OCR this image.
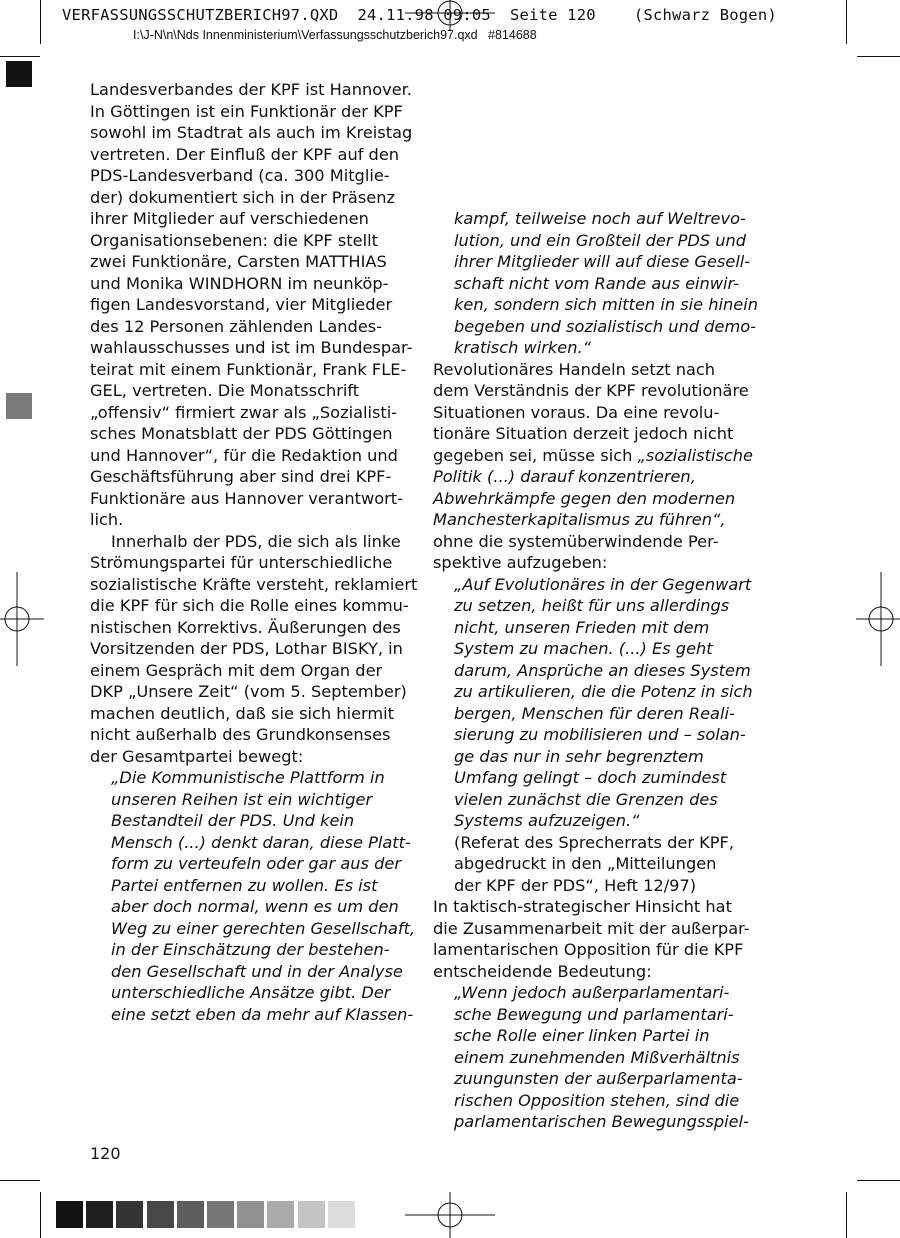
VERFASSUNGSSCHUTZBERICH97.QXD  24.11.98 09:05  Seite 120    (Schwarz Bogen)
I:\J-N\n\Nds Innenministerium\Verfassungsschutzberich97.qxd   #814688
Landesverbandes der KPF ist Hannover.
In Göttingen ist ein Funktionär der KPF
sowohl im Stadtrat als auch im Kreistag
vertreten. Der Einfluß der KPF auf den
PDS-Landesverband (ca. 300 Mitglie-
der) dokumentiert sich in der Präsenz
ihrer Mitglieder auf verschiedenen
Organisationsebenen: die KPF stellt
zwei Funktionäre, Carsten MATTHIAS
und Monika WINDHORN im neunköp-
figen Landesvorstand, vier Mitglieder
des 12 Personen zählenden Landes-
wahlausschusses und ist im Bundespar-
teirat mit einem Funktionär, Frank FLE-
GEL, vertreten. Die Monatsschrift
„offensiv“ firmiert zwar als „Sozialisti-
sches Monatsblatt der PDS Göttingen
und Hannover“, für die Redaktion und
Geschäftsführung aber sind drei KPF-
Funktionäre aus Hannover verantwort-
lich.
Innerhalb der PDS, die sich als linke
Strömungspartei für unterschiedliche
sozialistische Kräfte versteht, reklamiert
die KPF für sich die Rolle eines kommu-
nistischen Korrektivs. Äußerungen des
Vorsitzenden der PDS, Lothar BISKY, in
einem Gespräch mit dem Organ der
DKP „Unsere Zeit“ (vom 5. September)
machen deutlich, daß sie sich hiermit
nicht außerhalb des Grundkonsenses
der Gesamtpartei bewegt:
„Die Kommunistische Plattform in
unseren Reihen ist ein wichtiger
Bestandteil der PDS. Und kein
Mensch (...) denkt daran, diese Platt-
form zu verteufeln oder gar aus der
Partei entfernen zu wollen. Es ist
aber doch normal, wenn es um den
Weg zu einer gerechten Gesellschaft,
in der Einschätzung der bestehen-
den Gesellschaft und in der Analyse
unterschiedliche Ansätze gibt. Der
eine setzt eben da mehr auf Klassen-
kampf, teilweise noch auf Weltrevo-
lution, und ein Großteil der PDS und
ihrer Mitglieder will auf diese Gesell-
schaft nicht vom Rande aus einwir-
ken, sondern sich mitten in sie hinein
begeben und sozialistisch und demo-
kratisch wirken.“
Revolutionäres Handeln setzt nach
dem Verständnis der KPF revolutionäre
Situationen voraus. Da eine revolu-
tionäre Situation derzeit jedoch nicht
gegeben sei, müsse sich „sozialistische
Politik (...) darauf konzentrieren,
Abwehrkämpfe gegen den modernen
Manchesterkapitalismus zu führen“,
ohne die systemüberwindende Per-
spektive aufzugeben:
„Auf Evolutionäres in der Gegenwart
zu setzen, heißt für uns allerdings
nicht, unseren Frieden mit dem
System zu machen. (...) Es geht
darum, Ansprüche an dieses System
zu artikulieren, die die Potenz in sich
bergen, Menschen für deren Reali-
sierung zu mobilisieren und – solan-
ge das nur in sehr begrenztem
Umfang gelingt – doch zumindest
vielen zunächst die Grenzen des
Systems aufzuzeigen.“
(Referat des Sprecherrats der KPF,
abgedruckt in den „Mitteilungen
der KPF der PDS“, Heft 12/97)
In taktisch-strategischer Hinsicht hat
die Zusammenarbeit mit der außerpar-
lamentarischen Opposition für die KPF
entscheidende Bedeutung:
„Wenn jedoch außerparlamentari-
sche Bewegung und parlamentari-
sche Rolle einer linken Partei in
einem zunehmenden Mißverhältnis
zuungunsten der außerparlamenta-
rischen Opposition stehen, sind die
parlamentarischen Bewegungsspiel-
120
